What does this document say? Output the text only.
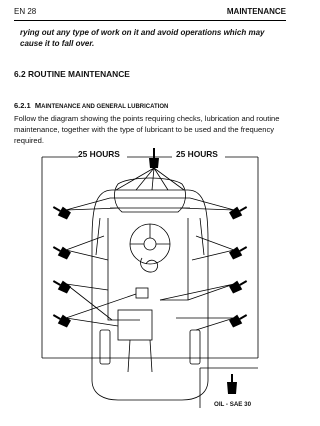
EN 28	MAINTENANCE
rying out any type of work on it and avoid operations which may cause it to fall over.
6.2 ROUTINE MAINTENANCE
6.2.1 MAINTENANCE AND GENERAL LUBRICATION
Follow the diagram showing the points requiring checks, lubrication and routine maintenance, together with the type of lubricant to be used and the frequency required.
25 HOURS	25 HOURS
OIL - SAE 30
